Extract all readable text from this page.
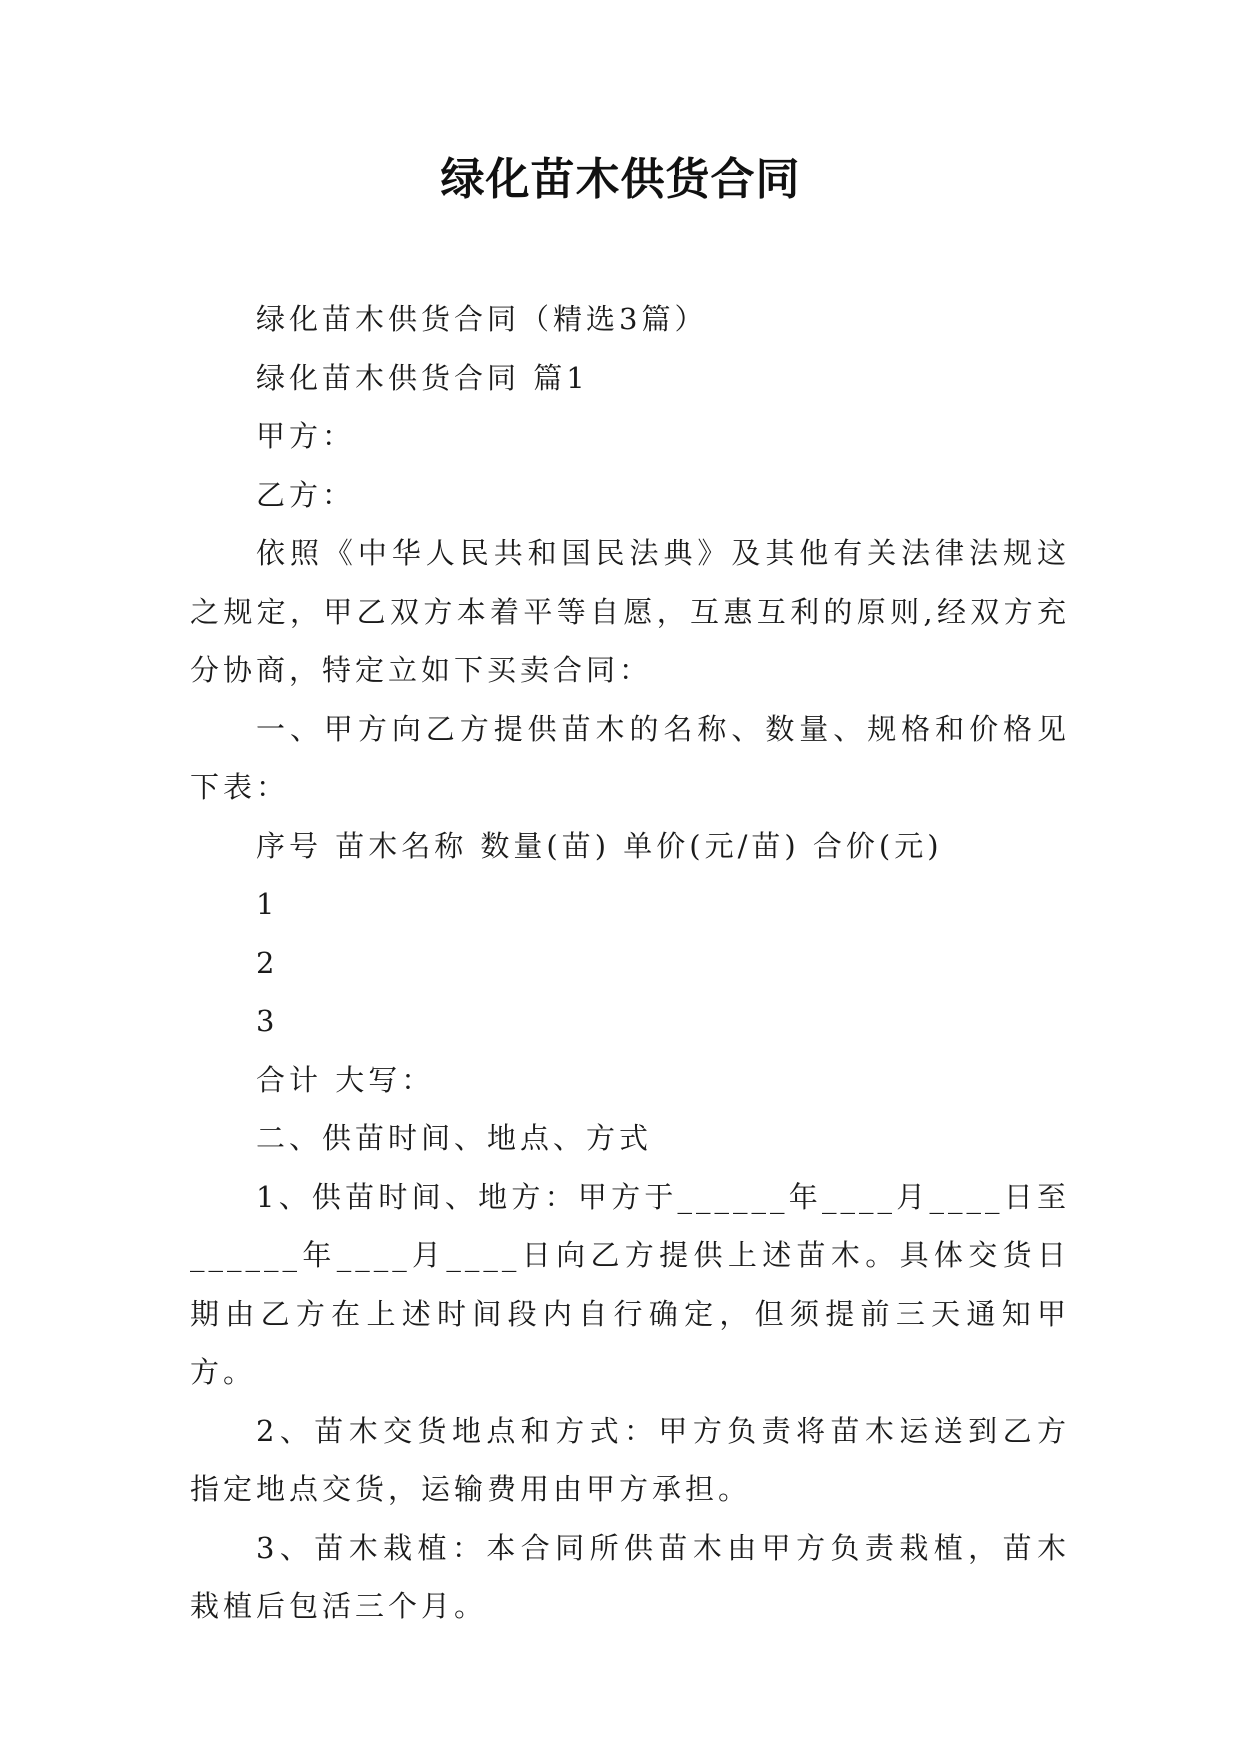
绿化苗木供货合同

绿化苗木供货合同（精选3篇）

绿化苗木供货合同 篇1

甲方：

乙方：

依照《中华人民共和国民法典》及其他有关法律法规这之规定，甲乙双方本着平等自愿，互惠互利的原则,经双方充分协商，特定立如下买卖合同：

一、甲方向乙方提供苗木的名称、数量、规格和价格见下表：

序号 苗木名称 数量(苗) 单价(元/苗) 合价(元)

1

2

3

合计 大写：

二、供苗时间、地点、方式

1、供苗时间、地方：甲方于______年____月____日至______年____月____日向乙方提供上述苗木。具体交货日期由乙方在上述时间段内自行确定，但须提前三天通知甲方。

2、苗木交货地点和方式：甲方负责将苗木运送到乙方指定地点交货，运输费用由甲方承担。

3、苗木栽植：本合同所供苗木由甲方负责栽植，苗木栽植后包活三个月。
